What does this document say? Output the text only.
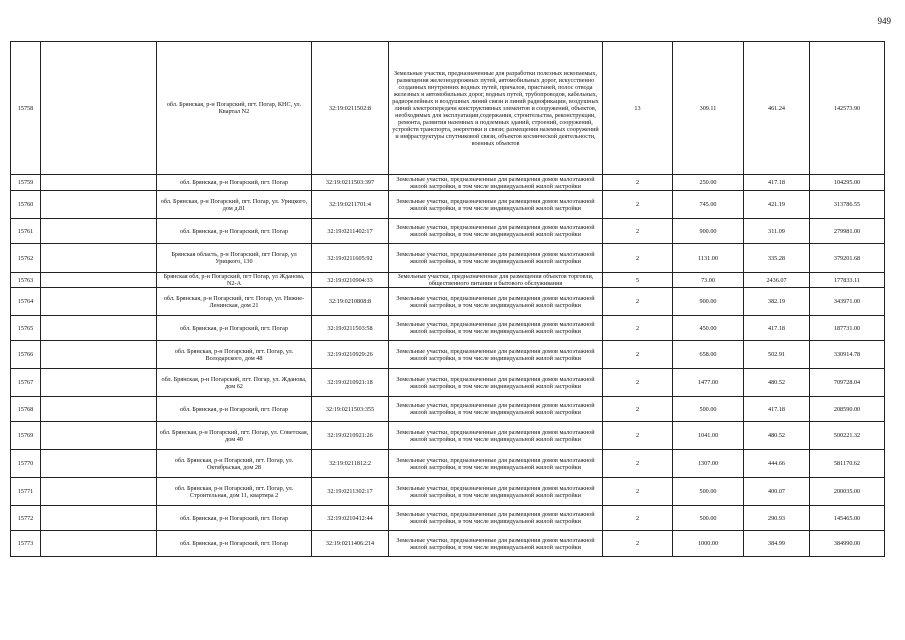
949
15758		обл. Брянская, р-н Погарский, пгт. Погар, КНС, ул. Квартал N2	32:19:0211502:8	Земельные участки, предназначенные для разработки полезных ископаемых, размещения железнодорожных путей, автомобильных дорог, искусственно созданных внутренних водных путей, причалов, пристаней, полос отвода железных и автомобильных дорог, водных путей, трубопроводов, кабельных, радиорелейных и воздушных линий связи и линий радиофикации, воздушных линий электропередачи конструктивных элементов и сооружений, объектов, необходимых для эксплуатации,содержания, строительства, реконструкции, ремонта, развития наземных и подземных зданий, строений, сооружений, устройств транспорта, энергетики и связи; размещения наземных сооружений и инфраструктуры спутниковой связи, объектов космической деятельности, военных объектов	13	309.11	461.24	142573.90
15759		обл. Брянская, р-н Погарский, пгт. Погар	32:19:0211503:397	Земельные участки, предназначенные для размещения домов малоэтажной жилой застройки, в том числе индивидуальной жилой застройки	2	250.00	417.18	104295.00
15760		обл. Брянская, р-н Погарский, пгт. Погар, ул. Урицкого, дом д.81	32:19:0211701:4	Земельные участки, предназначенные для размещения домов малоэтажной жилой застройки, в том числе индивидуальной жилой застройки	2	745.00	421.19	313786.55
15761		обл. Брянская, р-н Погарский, пгт. Погар	32:19:0211402:17	Земельные участки, предназначенные для размещения домов малоэтажной жилой застройки, в том числе индивидуальной жилой застройки	2	900.00	311.09	279981.00
15762		Брянская область, р-н Погарский, пгт Погар, ул Урицкого, 130	32:19:0211605:92	Земельные участки, предназначенные для размещения домов малоэтажной жилой застройки, в том числе индивидуальной жилой застройки	2	1131.00	335.28	379201.68
15763		Брянская обл, р-н Погарский, пгт Погар, ул Жданова, N2-А	32:19:0210904:33	Земельные участки, предназначенные для размещения объектов торговли, общественного питания и бытового обслуживания	5	73.00	2436.07	177833.11
15764		обл. Брянская, р-н Погарский, пгт. Погар, ул. Нижне-Ленинская, дом 21	32:19:0210808:8	Земельные участки, предназначенные для размещения домов малоэтажной жилой застройки, в том числе индивидуальной жилой застройки	2	900.00	382.19	343971.00
15765		обл. Брянская, р-н Погарский, пгт. Погар	32:19:0211503:58	Земельные участки, предназначенные для размещения домов малоэтажной жилой застройки, в том числе индивидуальной жилой застройки	2	450.00	417.18	187731.00
15766		обл. Брянская, р-н Погарский, пгт. Погар, ул. Володарского, дом 48	32:19:0210929:26	Земельные участки, предназначенные для размещения домов малоэтажной жилой застройки, в том числе индивидуальной жилой застройки	2	658.00	502.91	330914.78
15767		обл. Брянская, р-н Погарский, пгт. Погар, ул. Жданова, дом 62	32:19:0210921:18	Земельные участки, предназначенные для размещения домов малоэтажной жилой застройки, в том числе индивидуальной жилой застройки	2	1477.00	480.52	709728.04
15768		обл. Брянская, р-н Погарский, пгт. Погар	32:19:0211503:355	Земельные участки, предназначенные для размещения домов малоэтажной жилой застройки, в том числе индивидуальной жилой застройки	2	500.00	417.18	208590.00
15769		обл. Брянская, р-н Погарский, пгт. Погар, ул. Советская, дом 40	32:19:0210921:26	Земельные участки, предназначенные для размещения домов малоэтажной жилой застройки, в том числе индивидуальной жилой застройки	2	1041.00	480.52	500221.32
15770		обл. Брянская, р-н Погарский, пгт. Погар, ул. Октябрьская, дом 28	32:19:0211812:2	Земельные участки, предназначенные для размещения домов малоэтажной жилой застройки, в том числе индивидуальной жилой застройки	2	1307.00	444.66	581170.62
15771		обл. Брянская, р-н Погарский, пгт. Погар, ул. Строительная, дом 11, квартира 2	32:19:0211302:17	Земельные участки, предназначенные для размещения домов малоэтажной жилой застройки, в том числе индивидуальной жилой застройки	2	500.00	400.07	200035.00
15772		обл. Брянская, р-н Погарский, пгт. Погар	32:19:0210412:44	Земельные участки, предназначенные для размещения домов малоэтажной жилой застройки, в том числе индивидуальной жилой застройки	2	500.00	290.93	145465.00
15773		обл. Брянская, р-н Погарский, пгт. Погар	32:19:0211406:214	Земельные участки, предназначенные для размещения домов малоэтажной жилой застройки, в том числе индивидуальной жилой застройки	2	1000.00	384.99	384990.00
